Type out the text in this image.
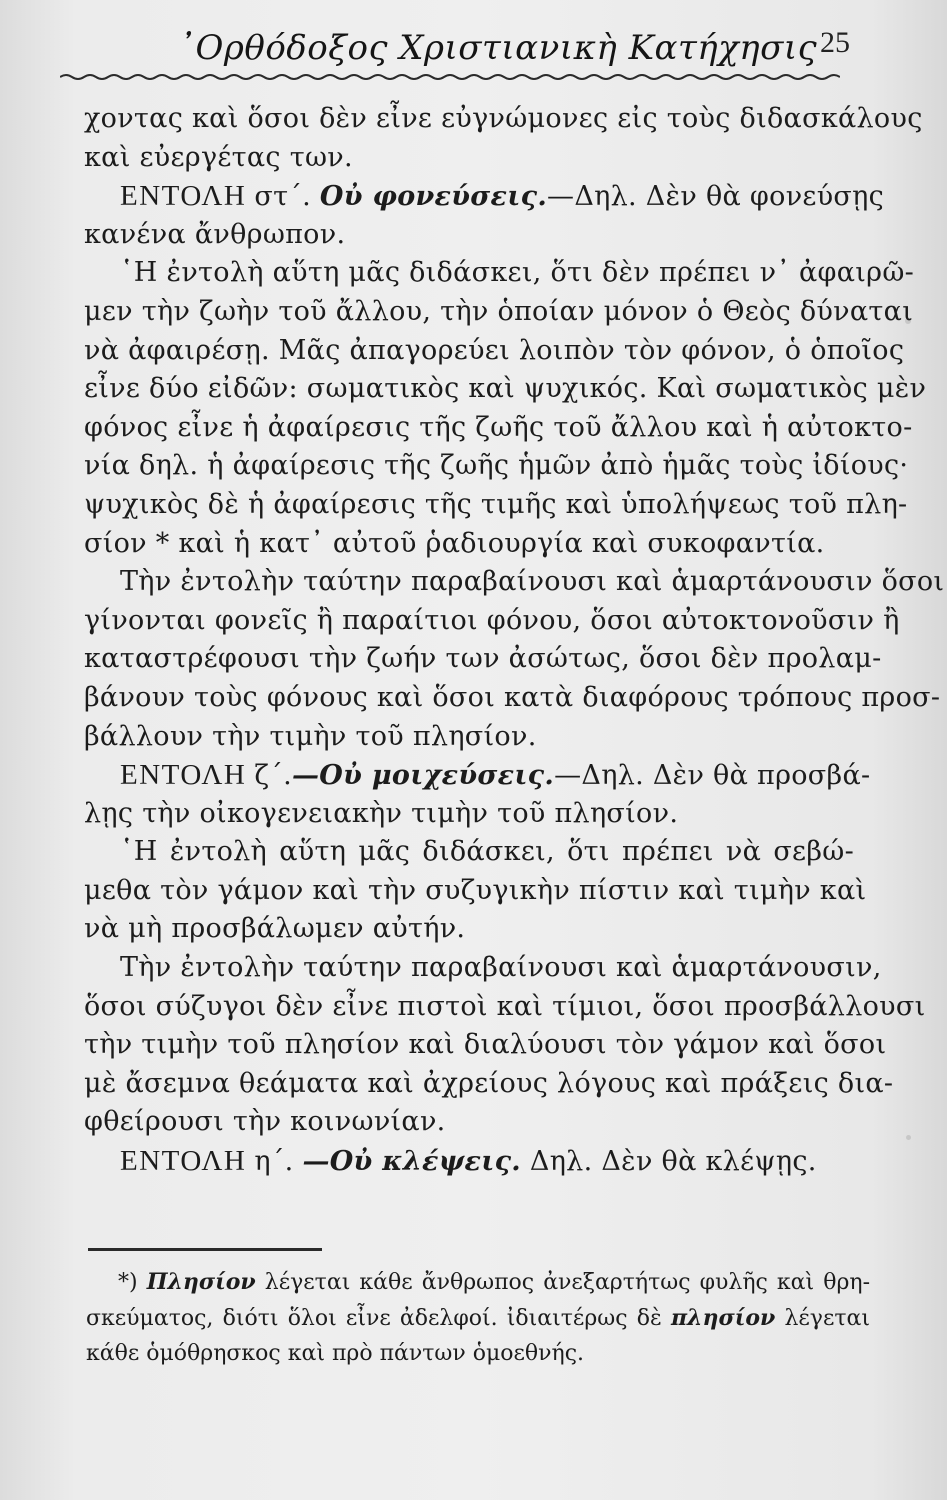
᾿Ορθόδοξος Χριστιανικὴ Κατήχησις 25
χοντας καὶ ὅσοι δὲν εἶνε εὐγνώμονες εἰς τοὺς διδασκάλους
καὶ εὐεργέτας των.
ΕΝΤΟΛΗ στ΄. Οὐ φονεύσεις.—Δηλ. Δὲν θὰ φονεύσῃς
κανένα ἄνθρωπον.
῾Η ἐντολὴ αὕτη μᾶς διδάσκει, ὅτι δὲν πρέπει ν᾿ ἀφαιρῶ-
μεν τὴν ζωὴν τοῦ ἄλλου, τὴν ὁποίαν μόνον ὁ Θεὸς δύναται
νὰ ἀφαιρέσῃ. Μᾶς ἀπαγορεύει λοιπὸν τὸν φόνον, ὁ ὁποῖος
εἶνε δύο εἰδῶν: σωματικὸς καὶ ψυχικός. Καὶ σωματικὸς μὲν
φόνος εἶνε ἡ ἀφαίρεσις τῆς ζωῆς τοῦ ἄλλου καὶ ἡ αὐτοκτο-
νία δηλ. ἡ ἀφαίρεσις τῆς ζωῆς ἡμῶν ἀπὸ ἡμᾶς τοὺς ἰδίους·
ψυχικὸς δὲ ἡ ἀφαίρεσις τῆς τιμῆς καὶ ὑπολήψεως τοῦ πλη-
σίον * καὶ ἡ κατ᾿ αὐτοῦ ῥαδιουργία καὶ συκοφαντία.
Τὴν ἐντολὴν ταύτην παραβαίνουσι καὶ ἁμαρτάνουσιν ὅσοι
γίνονται φονεῖς ἢ παραίτιοι φόνου, ὅσοι αὐτοκτονοῦσιν ἢ
καταστρέφουσι τὴν ζωήν των ἀσώτως, ὅσοι δὲν προλαμ-
βάνουν τοὺς φόνους καὶ ὅσοι κατὰ διαφόρους τρόπους προσ-
βάλλουν τὴν τιμὴν τοῦ πλησίον.
ΕΝΤΟΛΗ ζ΄.—Οὐ μοιχεύσεις.—Δηλ. Δὲν θὰ προσβά-
λῃς τὴν οἰκογενειακὴν τιμὴν τοῦ πλησίον.
῾Η ἐντολὴ αὕτη μᾶς διδάσκει, ὅτι πρέπει νὰ σεβώ-
μεθα τὸν γάμον καὶ τὴν συζυγικὴν πίστιν καὶ τιμὴν καὶ
νὰ μὴ προσβάλωμεν αὐτήν.
Τὴν ἐντολὴν ταύτην παραβαίνουσι καὶ ἁμαρτάνουσιν,
ὅσοι σύζυγοι δὲν εἶνε πιστοὶ καὶ τίμιοι, ὅσοι προσβάλλουσι
τὴν τιμὴν τοῦ πλησίον καὶ διαλύουσι τὸν γάμον καὶ ὅσοι
μὲ ἄσεμνα θεάματα καὶ ἀχρείους λόγους καὶ πράξεις δια-
φθείρουσι τὴν κοινωνίαν.
ΕΝΤΟΛΗ η΄. —Οὐ κλέψεις. Δηλ. Δὲν θὰ κλέψῃς.
*) Πλησίον λέγεται κάθε ἄνθρωπος ἀνεξαρτήτως φυλῆς καὶ θρη-
σκεύματος, διότι ὅλοι εἶνε ἀδελφοί. ἰδιαιτέρως δὲ πλησίον λέγεται
κάθε ὁμόθρησκος καὶ πρὸ πάντων ὁμοεθνής.
